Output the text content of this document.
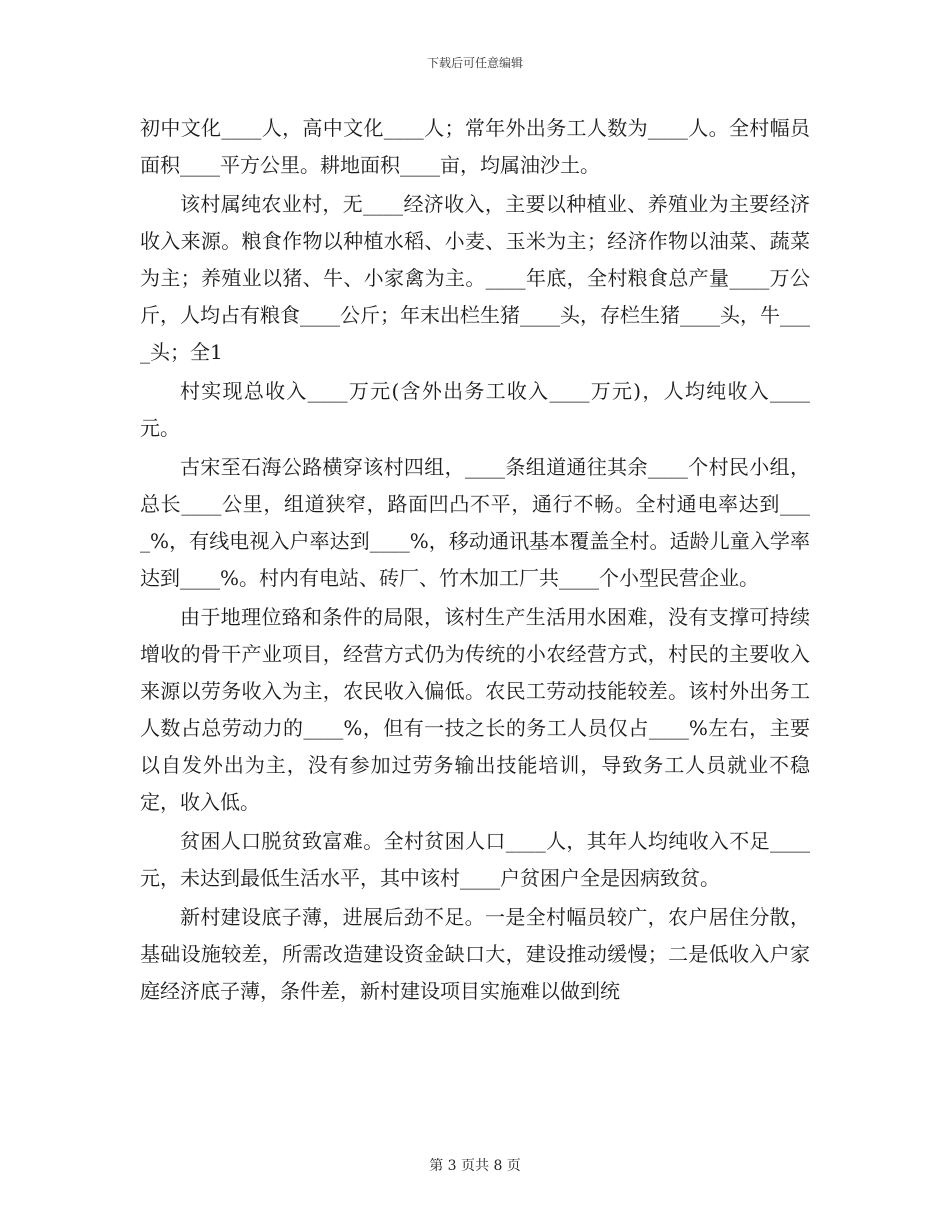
下载后可任意编辑

初中文化____人，高中文化____人；常年外出务工人数为____人。全村幅员面积____平方公里。耕地面积____亩，均属油沙土。

该村属纯农业村，无____经济收入，主要以种植业、养殖业为主要经济收入来源。粮食作物以种植水稻、小麦、玉米为主；经济作物以油菜、蔬菜为主；养殖业以猪、牛、小家禽为主。____年底，全村粮食总产量____万公斤，人均占有粮食____公斤；年末出栏生猪____头，存栏生猪____头，牛____头；全1

村实现总收入____万元(含外出务工收入____万元)，人均纯收入____元。

古宋至石海公路横穿该村四组，____条组道通往其余____个村民小组，总长____公里，组道狭窄，路面凹凸不平，通行不畅。全村通电率达到____%，有线电视入户率达到____%，移动通讯基本覆盖全村。适龄儿童入学率达到____%。村内有电站、砖厂、竹木加工厂共____个小型民营企业。

由于地理位臵和条件的局限，该村生产生活用水困难，没有支撑可持续增收的骨干产业项目，经营方式仍为传统的小农经营方式，村民的主要收入来源以劳务收入为主，农民收入偏低。农民工劳动技能较差。该村外出务工人数占总劳动力的____%，但有一技之长的务工人员仅占____%左右，主要以自发外出为主，没有参加过劳务输出技能培训，导致务工人员就业不稳定，收入低。

贫困人口脱贫致富难。全村贫困人口____人，其年人均纯收入不足____元，未达到最低生活水平，其中该村____户贫困户全是因病致贫。

新村建设底子薄，进展后劲不足。一是全村幅员较广，农户居住分散，基础设施较差，所需改造建设资金缺口大，建设推动缓慢；二是低收入户家庭经济底子薄，条件差，新村建设项目实施难以做到统

第 3 页共 8 页
